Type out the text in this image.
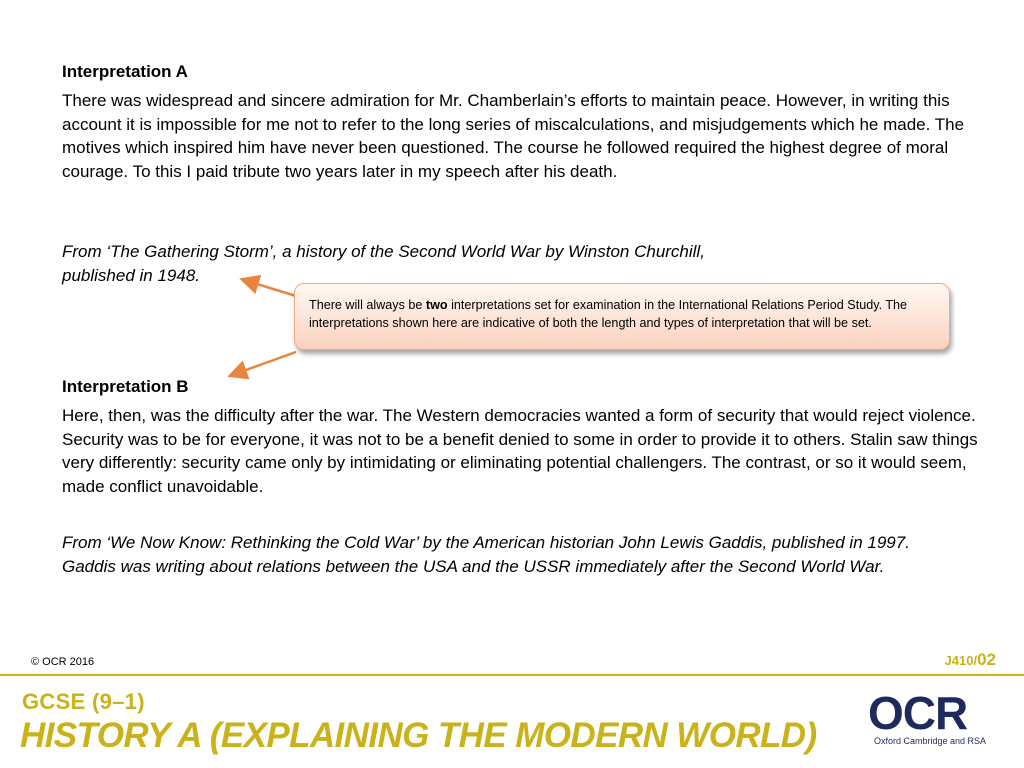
Interpretation A
There was widespread and sincere admiration for Mr. Chamberlain’s efforts to maintain peace. However, in writing this account it is impossible for me not to refer to the long series of miscalculations, and misjudgements which he made. The motives which inspired him have never been questioned. The course he followed required the highest degree of moral courage. To this I paid tribute two years later in my speech after his death.
From ‘The Gathering Storm’, a history of the Second World War by Winston Churchill,
published in 1948.
There will always be two interpretations set for examination in the International Relations Period Study. The interpretations shown here are indicative of both the length and types of interpretation that will be set.
Interpretation B
Here, then, was the difficulty after the war. The Western democracies wanted a form of security that would reject violence. Security was to be for everyone, it was not to be a benefit denied to some in order to provide it to others. Stalin saw things very differently: security came only by intimidating or eliminating potential challengers. The contrast, or so it would seem, made conflict unavoidable.
From ‘We Now Know: Rethinking the Cold War’ by the American historian John Lewis Gaddis, published in 1997. Gaddis was writing about relations between the USA and the USSR immediately after the Second World War.
© OCR 2016	J410/02
GCSE (9–1)
HISTORY A (EXPLAINING THE MODERN WORLD) OCR
Oxford Cambridge and RSA
